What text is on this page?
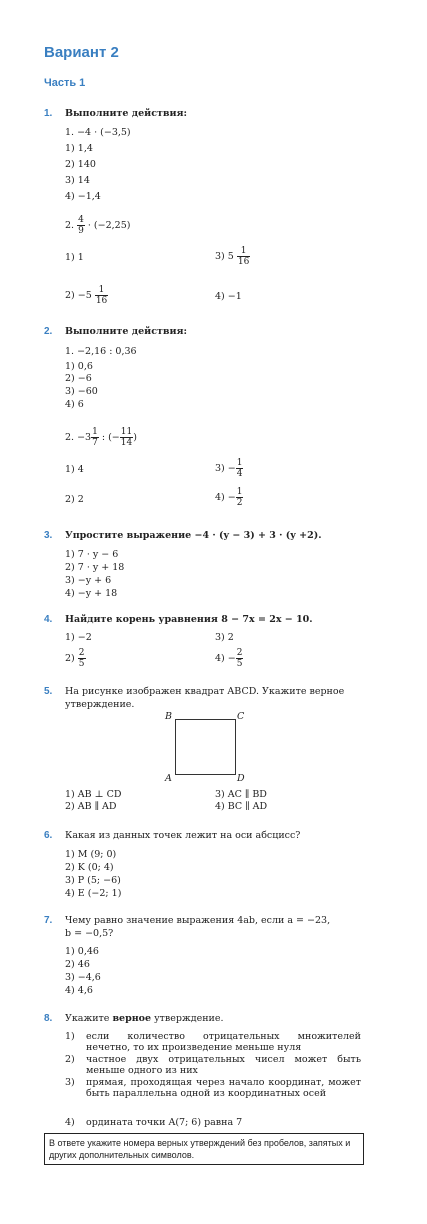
Вариант 2
Часть 1
1. Выполните действия:
1. −4 · (−3,5)
1) 1,4
2) 140
3) 14
4) −1,4
2. $\frac{4}{9} \cdot (-2,25)$
1) 1	3) $5 \frac{1}{16}$
$2) -5 \frac{1}{16}$	4) −1
2. Выполните действия:
1. −2,16 : 0,36
1) 0,6
2) −6
3) −60
4) 6
2. $-3 \frac{1}{7}$ : (− $\frac{11}{14}$ )
1) 4	$3) - \frac{1}{4}$
2) 2	$4) - \frac{1}{2}$
3. Упростите выражение −4 · (y − 3) + 3 · (y +2).
1) 7 · y − 6
2) 7 · y + 18
3) −y + 6
4) −y + 18
4. Найдите корень уравнения 8 − 7x = 2x − 10.
1) −2	3) 2
$2) \frac{2}{5}$	$4) - \frac{2}{5}$
5. На рисунке изображен квадрат ABCD. Укажите верное
утверждение.
B	C
A	D
1) AB ⊥ CD
2) AB ∥ AD
3) AC ∥ BD
4) BC ∥ AD
6. Какая из данных точек лежит на оси абсцисс?
1) M (9; 0)
2) K (0; 4)
3) P (5; −6)
4) E (−2; 1)
7. Чему равно значение выражения 4ab, если a = −23,
b = −0,5?
1) 0,46
2) 46
3) −4,6
4) 4,6
8. Укажите верное утверждение.
1) если количество отрицательных множителей нечетно, то их произведение меньше нуля
2) частное двух отрицательных чисел может быть меньше одного из них
3) прямая, проходящая через начало координат, может быть параллельна одной из координатных осей
4) ордината точки A(7; 6) равна 7
В ответе укажите номера верных утверждений без пробелов, запятых и других дополнительных символов.
